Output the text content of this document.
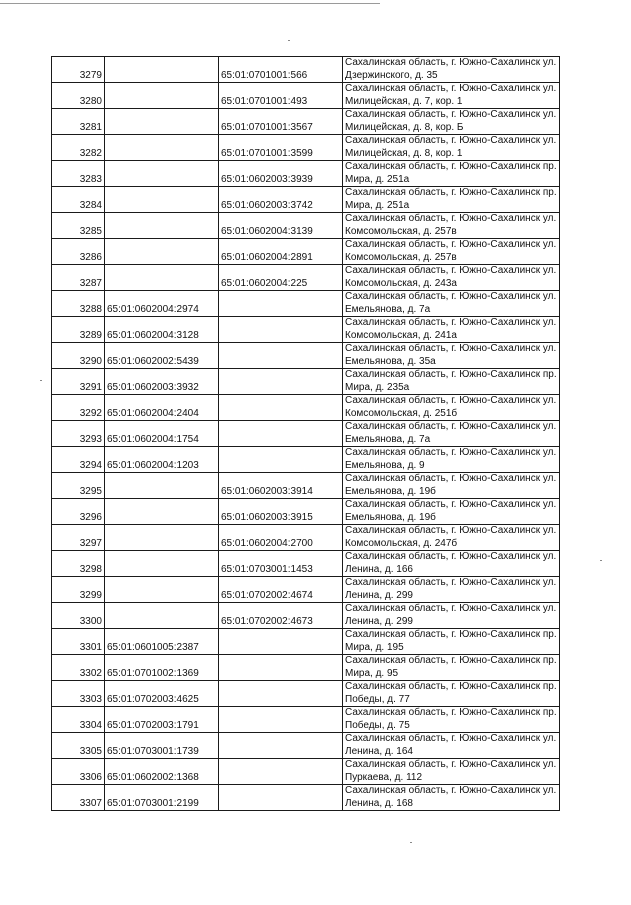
3279		65:01:0701001:566	Сахалинская область, г. Южно-Сахалинск ул.
Дзержинского, д. 35

3280		65:01:0701001:493	Сахалинская область, г. Южно-Сахалинск ул.
Милицейская, д. 7, кор. 1

3281		65:01:0701001:3567	Сахалинская область, г. Южно-Сахалинск ул.
Милицейская, д. 8, кор. Б

3282		65:01:0701001:3599	Сахалинская область, г. Южно-Сахалинск ул.
Милицейская, д. 8, кор. 1

3283		65:01:0602003:3939	Сахалинская область, г. Южно-Сахалинск пр.
Мира, д. 251а

3284		65:01:0602003:3742	Сахалинская область, г. Южно-Сахалинск пр.
Мира, д. 251а

3285		65:01:0602004:3139	Сахалинская область, г. Южно-Сахалинск ул.
Комсомольская, д. 257в

3286		65:01:0602004:2891	Сахалинская область, г. Южно-Сахалинск ул.
Комсомольская, д. 257в

3287		65:01:0602004:225	Сахалинская область, г. Южно-Сахалинск ул.
Комсомольская, д. 243а

3288	65:01:0602004:2974		Сахалинская область, г. Южно-Сахалинск ул.
Емельянова, д. 7а

3289	65:01:0602004:3128		Сахалинская область, г. Южно-Сахалинск ул.
Комсомольская, д. 241а

3290	65:01:0602002:5439		Сахалинская область, г. Южно-Сахалинск ул.
Емельянова, д. 35а

3291	65:01:0602003:3932		Сахалинская область, г. Южно-Сахалинск пр.
Мира, д. 235а

3292	65:01:0602004:2404		Сахалинская область, г. Южно-Сахалинск ул.
Комсомольская, д. 251б

3293	65:01:0602004:1754		Сахалинская область, г. Южно-Сахалинск ул.
Емельянова, д. 7а

3294	65:01:0602004:1203		Сахалинская область, г. Южно-Сахалинск ул.
Емельянова, д. 9

3295		65:01:0602003:3914	Сахалинская область, г. Южно-Сахалинск ул.
Емельянова, д. 19б

3296		65:01:0602003:3915	Сахалинская область, г. Южно-Сахалинск ул.
Емельянова, д. 19б

3297		65:01:0602004:2700	Сахалинская область, г. Южно-Сахалинск ул.
Комсомольская, д. 247б

3298		65:01:0703001:1453	Сахалинская область, г. Южно-Сахалинск ул.
Ленина, д. 166

3299		65:01:0702002:4674	Сахалинская область, г. Южно-Сахалинск ул.
Ленина, д. 299

3300		65:01:0702002:4673	Сахалинская область, г. Южно-Сахалинск ул.
Ленина, д. 299

3301	65:01:0601005:2387		Сахалинская область, г. Южно-Сахалинск пр.
Мира, д. 195

3302	65:01:0701002:1369		Сахалинская область, г. Южно-Сахалинск пр.
Мира, д. 95

3303	65:01:0702003:4625		Сахалинская область, г. Южно-Сахалинск пр.
Победы, д. 77

3304	65:01:0702003:1791		Сахалинская область, г. Южно-Сахалинск пр.
Победы, д. 75

3305	65:01:0703001:1739		Сахалинская область, г. Южно-Сахалинск ул.
Ленина, д. 164

3306	65:01:0602002:1368		Сахалинская область, г. Южно-Сахалинск ул.
Пуркаева, д. 112

3307	65:01:0703001:2199		Сахалинская область, г. Южно-Сахалинск ул.
Ленина, д. 168
